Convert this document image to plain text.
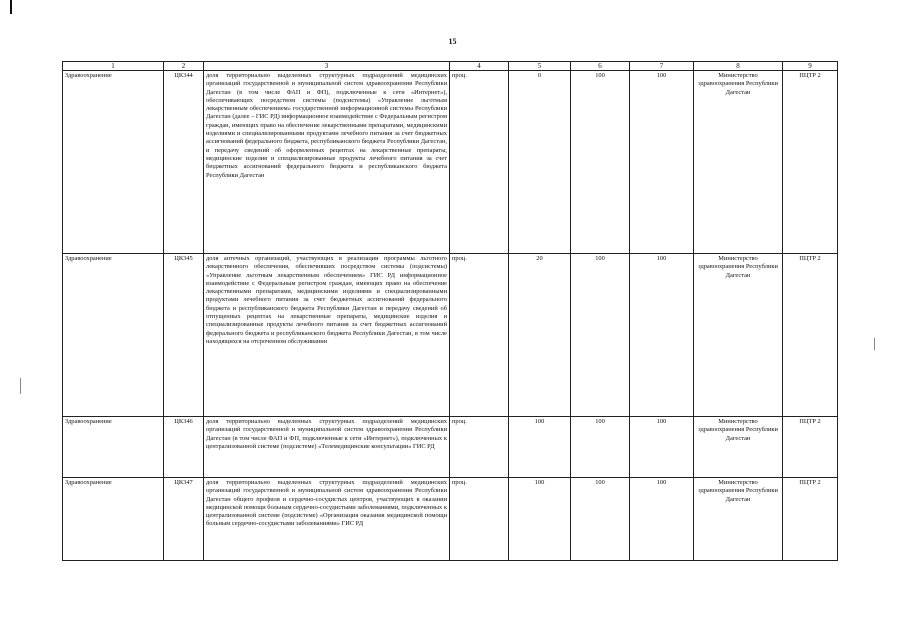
15
1	2	3	4	5	6	7	8	9
Здравоохранение	ЦК344	доля территориально выделенных структурных подразделений медицинских организаций государственной и муниципальной систем здравоохранения Республики Дагестан (в том числе ФАП и ФП), подключенные к сети «Интернет»), обеспечивающих посредством системы (подсистемы) «Управление льготным лекарственным обеспечением» государственной информационной системы Республики Дагестан (далее – ГИС РД) информационное взаимодействие с Федеральным регистром граждан, имеющих право на обеспечение лекарственными препаратами, медицинскими изделиями и специализированными продуктами лечебного питания за счет бюджетных ассигнований федерального бюджета, республиканского бюджета Республики Дагестан, и передачу сведений об оформленных рецептах на лекарственные препараты, медицинские изделия и специализированные продукты лечебного питания за счет бюджетных ассигнований федерального бюджета и республиканского бюджета Республики Дагестан	проц.	0	100	100	Министерство здравоохранения Республики Дагестан	ПЦТР 2
Здравоохранение	ЦК345	доля аптечных организаций, участвующих в реализации программы льготного лекарственного обеспечения, обеспечивших посредством системы (подсистемы) «Управление льготным лекарственным обеспечением» ГИС РД информационное взаимодействие с Федеральным регистром граждан, имеющих право на обеспечение лекарственными препаратами, медицинскими изделиями и специализированными продуктами лечебного питания за счет бюджетных ассигнований федерального бюджета и республиканского бюджета Республики Дагестан и передачу сведений об отпущенных рецептах на лекарственные препараты, медицинские изделия и специализированные продукты лечебного питания за счет бюджетных ассигнований федерального бюджета и республиканского бюджета Республики Дагестан, в том числе находящихся на отсроченном обслуживании	проц.	20	100	100	Министерство здравоохранения Республики Дагестан	ПЦТР 2
Здравоохранение	ЦК346	доля территориально выделенных структурных подразделений медицинских организаций государственной и муниципальной систем здравоохранения Республики Дагестан (в том числе ФАП и ФП, подключенные к сети «Интернет»), подключенных к централизованной системе (подсистеме) «Телемедицинские консультации» ГИС РД	проц.	100	100	100	Министерство здравоохранения Республики Дагестан	ПЦТР 2
Здравоохранение	ЦК347	доля территориально выделенных структурных подразделений медицинских организаций государственной и муниципальной систем здравоохранения Республики Дагестан общего профиля и сердечно-сосудистых центров, участвующих в оказании медицинской помощи больным сердечно-сосудистыми заболеваниями, подключенных к централизованной системе (подсистеме) «Организация оказания медицинской помощи больным сердечно-сосудистыми заболеваниями» ГИС РД	проц.	100	100	100	Министерство здравоохранения Республики Дагестан	ПЦТР 2
